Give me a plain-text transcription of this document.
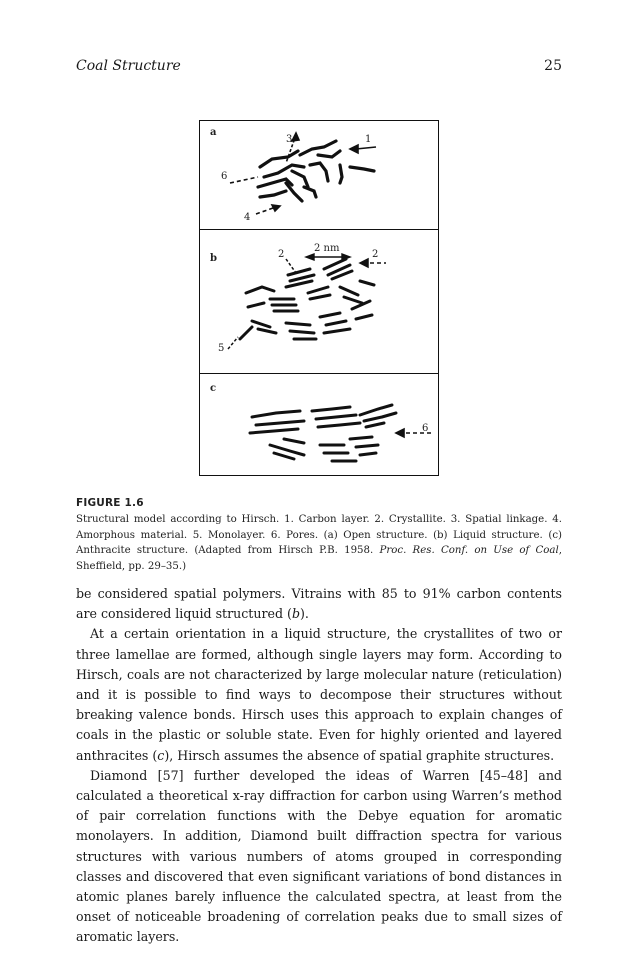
Coal Structure	25
a
3	1
6
4
b	2
2 nm
2
5
c
6
FIGURE 1.6

Structural model according to Hirsch. 1. Carbon layer. 2. Crystallite. 3. Spatial linkage. 4. Amorphous material. 5. Monolayer. 6. Pores. (a) Open structure. (b) Liquid structure. (c) Anthracite structure. (Adapted from Hirsch P.B. 1958. Proc. Res. Conf. on Use of Coal, Sheffield, pp. 29–35.)

be considered spatial polymers. Vitrains with 85 to 91% carbon contents are considered liquid structured (b).

At a certain orientation in a liquid structure, the crystallites of two or three lamellae are formed, although single layers may form. According to Hirsch, coals are not characterized by large molecular nature (reticulation) and it is possible to find ways to decompose their structures without breaking valence bonds. Hirsch uses this approach to explain changes of coals in the plastic or soluble state. Even for highly oriented and layered anthracites (c), Hirsch assumes the absence of spatial graphite structures.

Diamond [57] further developed the ideas of Warren [45–48] and calculated a theoretical x-ray diffraction for carbon using Warren’s method of pair correlation functions with the Debye equation for aromatic monolayers. In addition, Diamond built diffraction spectra for various structures with various numbers of atoms grouped in corresponding classes and discovered that even significant variations of bond distances in atomic planes barely influence the calculated spectra, at least from the onset of noticeable broadening of correlation peaks due to small sizes of aromatic layers.
